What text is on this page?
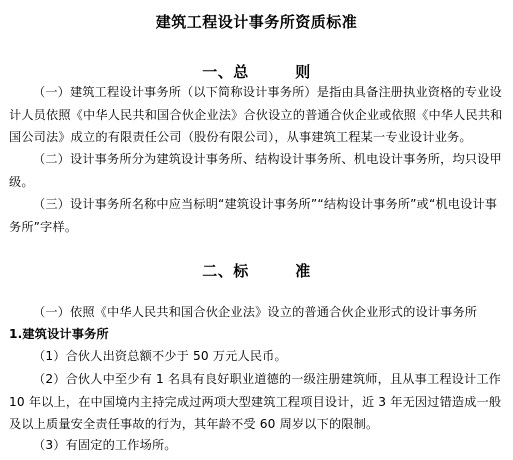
建筑工程设计事务所资质标准
一、总　　　则
（一）建筑工程设计事务所（以下简称设计事务所）是指由具备注册执业资格的专业设计人员依照《中华人民共和国合伙企业法》合伙设立的普通合伙企业或依照《中华人民共和国公司法》成立的有限责任公司（股份有限公司），从事建筑工程某一专业设计业务。
（二）设计事务所分为建筑设计事务所、结构设计事务所、机电设计事务所，均只设甲级。
（三）设计事务所名称中应当标明“建筑设计事务所”“结构设计事务所”或“机电设计事务所”字样。
二、标　　　准
（一）依照《中华人民共和国合伙企业法》设立的普通合伙企业形式的设计事务所
1.建筑设计事务所
（1）合伙人出资总额不少于 50 万元人民币。
（2）合伙人中至少有 1 名具有良好职业道德的一级注册建筑师，且从事工程设计工作 10 年以上，在中国境内主持完成过两项大型建筑工程项目设计，近 3 年无因过错造成一般及以上质量安全责任事故的行为，其年龄不受 60 周岁以下的限制。
（3）有固定的工作场所。
